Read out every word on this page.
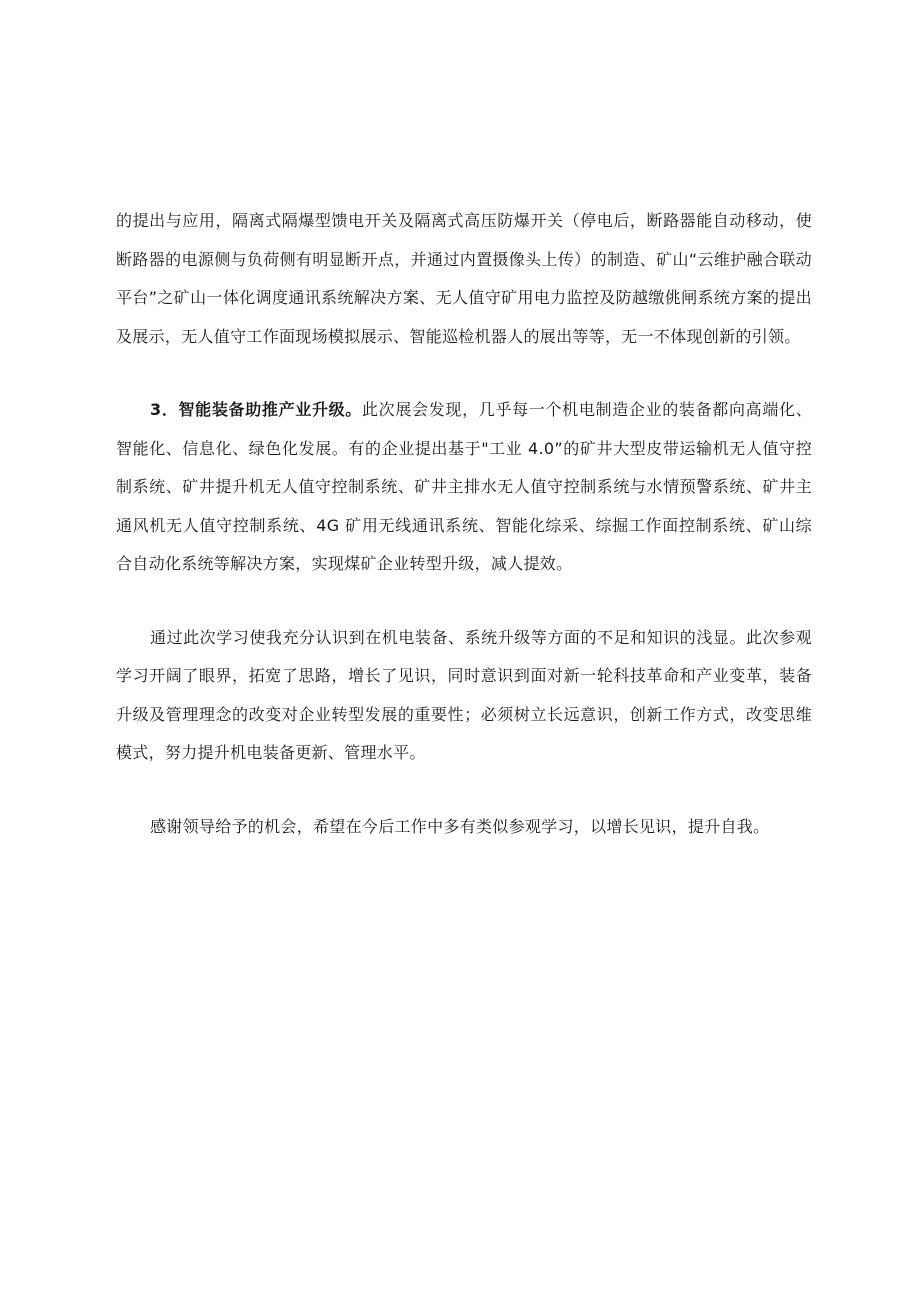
的提出与应用，隔离式隔爆型馈电开关及隔离式高压防爆开关（停电后，断路器能自动移动，使断路器的电源侧与负荷侧有明显断开点，并通过内置摄像头上传）的制造、矿山“云维护融合联动平台”之矿山一体化调度通讯系统解决方案、无人值守矿用电力监控及防越缴佻闸系统方案的提出及展示，无人值守工作面现场模拟展示、智能巡检机器人的展出等等，无一不体现创新的引领。

3．智能装备助推产业升级。此次展会发现，几乎每一个机电制造企业的装备都向高端化、智能化、信息化、绿色化发展。有的企业提出基于"工业 4.0”的矿井大型皮带运输机无人值守控制系统、矿井提升机无人值守控制系统、矿井主排水无人值守控制系统与水情预警系统、矿井主通风机无人值守控制系统、4G 矿用无线通讯系统、智能化综采、综掘工作面控制系统、矿山综合自动化系统等解决方案，实现煤矿企业转型升级，减人提效。

通过此次学习使我充分认识到在机电装备、系统升级等方面的不足和知识的浅显。此次参观学习开阔了眼界，拓宽了思路，增长了见识，同时意识到面对新一轮科技革命和产业变革，装备升级及管理理念的改变对企业转型发展的重要性；必须树立长远意识，创新工作方式，改变思维模式，努力提升机电装备更新、管理水平。

感谢领导给予的机会，希望在今后工作中多有类似参观学习，以增长见识，提升自我。
